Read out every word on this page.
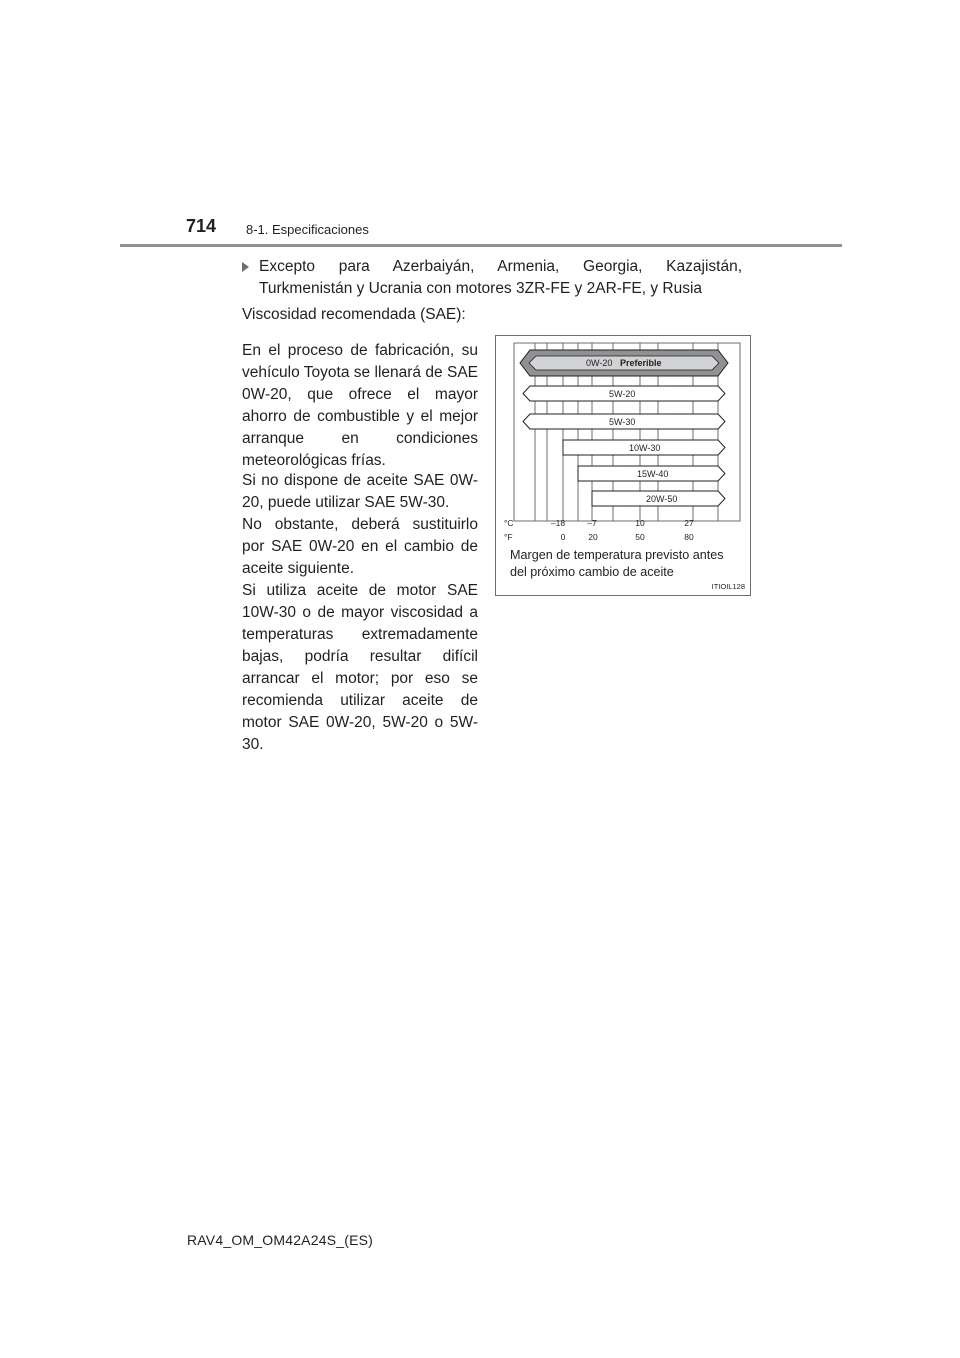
714 8-1. Especificaciones
Excepto para Azerbaiyán, Armenia, Georgia, Kazajistán, Turkmenistán y Ucrania con motores 3ZR-FE y 2AR-FE, y Rusia
Viscosidad recomendada (SAE):
En el proceso de fabricación, su vehículo Toyota se llenará de SAE 0W-20, que ofrece el mayor ahorro de combustible y el mejor arranque en condiciones meteorológicas frías.
Si no dispone de aceite SAE 0W-20, puede utilizar SAE 5W-30.
No obstante, deberá sustituirlo por SAE 0W-20 en el cambio de aceite siguiente.
Si utiliza aceite de motor SAE 10W-30 o de mayor viscosidad a temperaturas extremadamente bajas, podría resultar difícil arrancar el motor; por eso se recomienda utilizar aceite de motor SAE 0W-20, 5W-20 o 5W-30.
0W-20 Preferible
5W-20
5W-30
10W-30
15W-40
20W-50
°C
°F
–18	–7	10	27
0	20	50	80
Margen de temperatura previsto antes del próximo cambio de aceite
ITIOIL128
RAV4_OM_OM42A24S_(ES)
